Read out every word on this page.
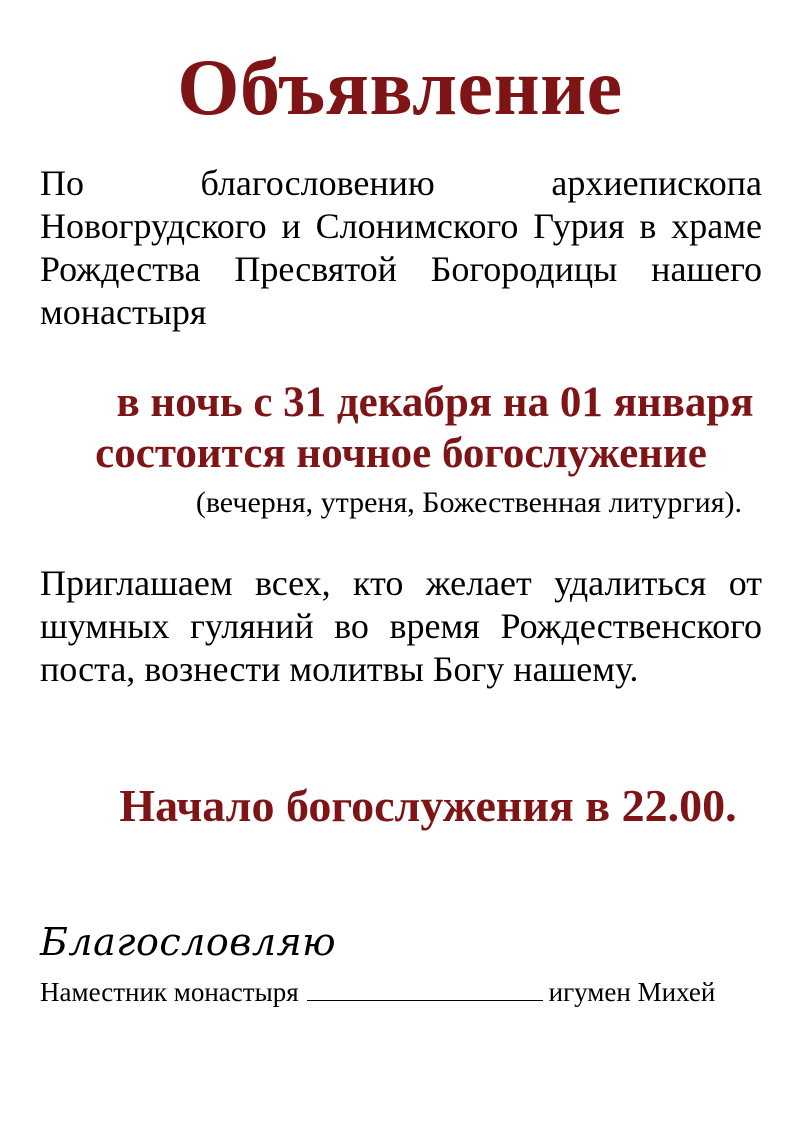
Объявление
По благословению архиепископа Новогрудского и Слонимского Гурия в храме Рождества Пресвятой Богородицы нашего монастыря
в ночь с 31 декабря на 01 января
состоится ночное богослужение
(вечерня, утреня, Божественная литургия).
Приглашаем всех, кто желает удалиться от шумных гуляний во время Рождественского поста, вознести молитвы Богу нашему.
Начало богослужения в 22.00.
Благословляю
Наместник монастыря	игумен Михей
